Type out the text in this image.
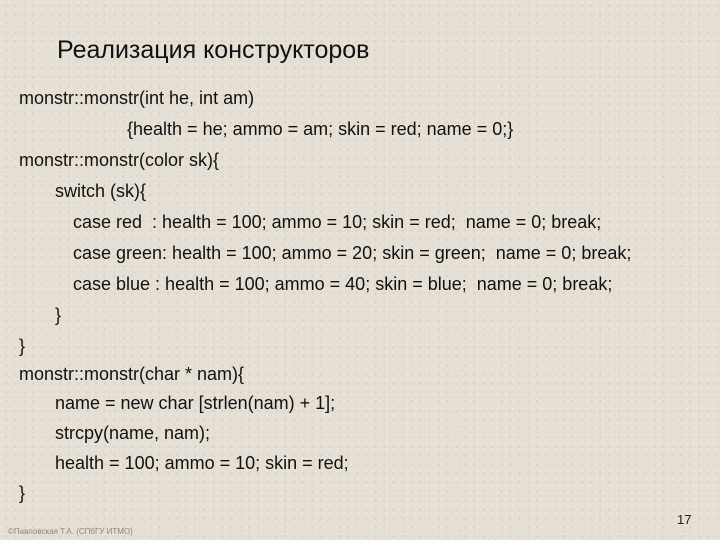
Реализация конструкторов
monstr::monstr(int he, int am)
{health = he; ammo = am; skin = red; name = 0;}
monstr::monstr(color sk){
switch (sk){
case red  : health = 100; ammo = 10; skin = red;  name = 0; break;
case green: health = 100; ammo = 20; skin = green;  name = 0; break;
case blue : health = 100; ammo = 40; skin = blue;  name = 0; break;
}
}
monstr::monstr(char * nam){
name = new char [strlen(nam) + 1];
strcpy(name, nam);
health = 100; ammo = 10; skin = red;
}
©Павловская Т.А. (СПбГУ ИТМО)
17
